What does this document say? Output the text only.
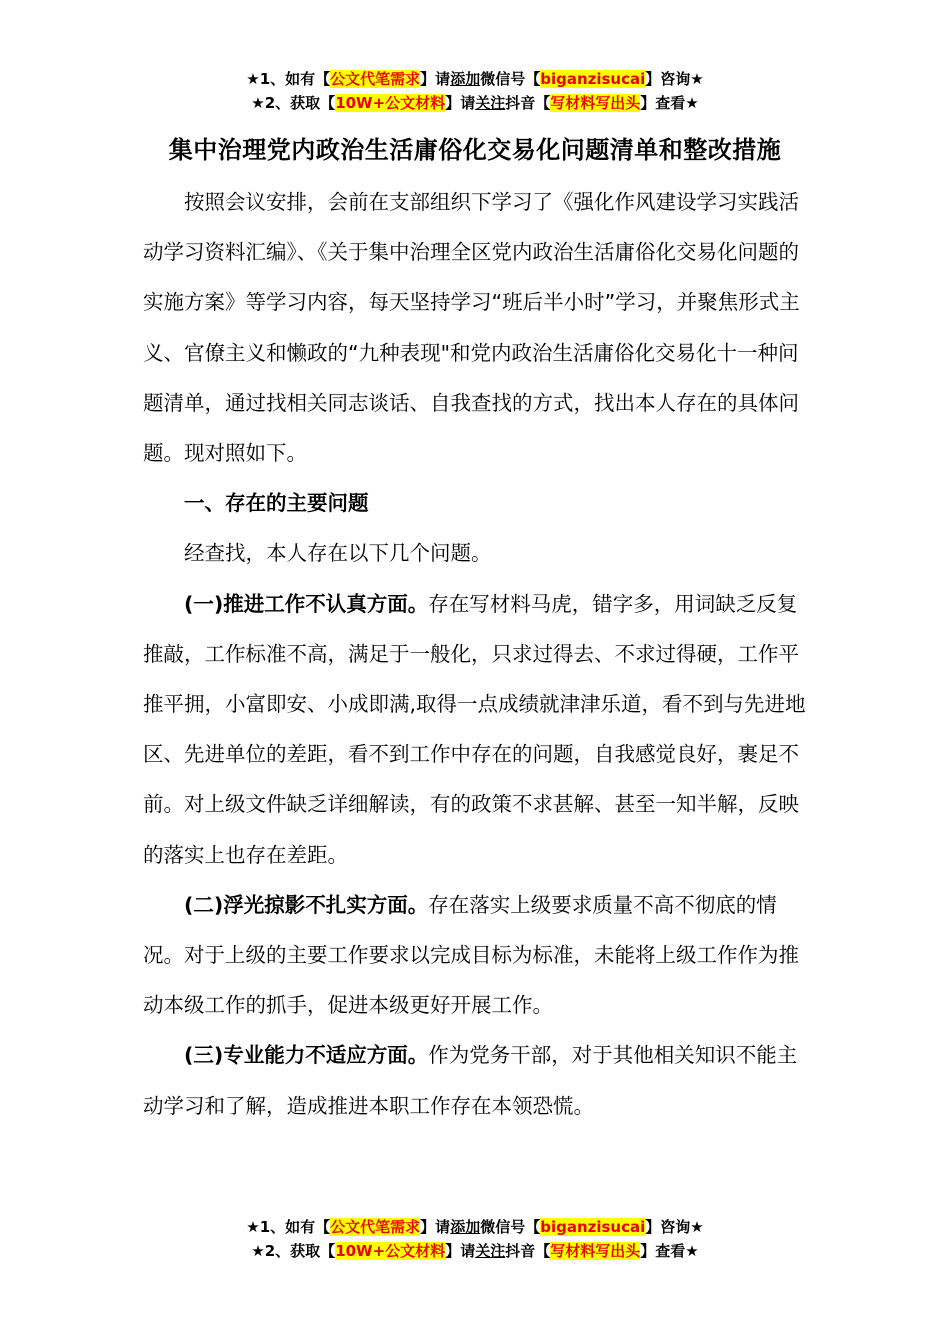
★1、如有【公文代笔需求】请添加微信号【biganzisucai】咨询★
★2、获取【10W+公文材料】请关注抖音【写材料写出头】查看★
集中治理党内政治生活庸俗化交易化问题清单和整改措施

按照会议安排，会前在支部组织下学习了《强化作风建设学习实践活动学习资料汇编》、《关于集中治理全区党内政治生活庸俗化交易化问题的实施方案》等学习内容，每天坚持学习“班后半小时”学习，并聚焦形式主义、官僚主义和懒政的“九种表现"和党内政治生活庸俗化交易化十一种问题清单，通过找相关同志谈话、自我查找的方式，找出本人存在的具体问题。现对照如下。

一、存在的主要问题

经查找，本人存在以下几个问题。

(一)推进工作不认真方面。存在写材料马虎，错字多，用词缺乏反复推敲，工作标准不高，满足于一般化，只求过得去、不求过得硬，工作平推平拥，小富即安、小成即满,取得一点成绩就津津乐道，看不到与先进地区、先进单位的差距，看不到工作中存在的问题，自我感觉良好，裹足不前。对上级文件缺乏详细解读，有的政策不求甚解、甚至一知半解，反映的落实上也存在差距。

(二)浮光掠影不扎实方面。存在落实上级要求质量不高不彻底的情况。对于上级的主要工作要求以完成目标为标准，未能将上级工作作为推动本级工作的抓手，促进本级更好开展工作。

(三)专业能力不适应方面。作为党务干部，对于其他相关知识不能主动学习和了解，造成推进本职工作存在本领恐慌。

★1、如有【公文代笔需求】请添加微信号【biganzisucai】咨询★
★2、获取【10W+公文材料】请关注抖音【写材料写出头】查看★
